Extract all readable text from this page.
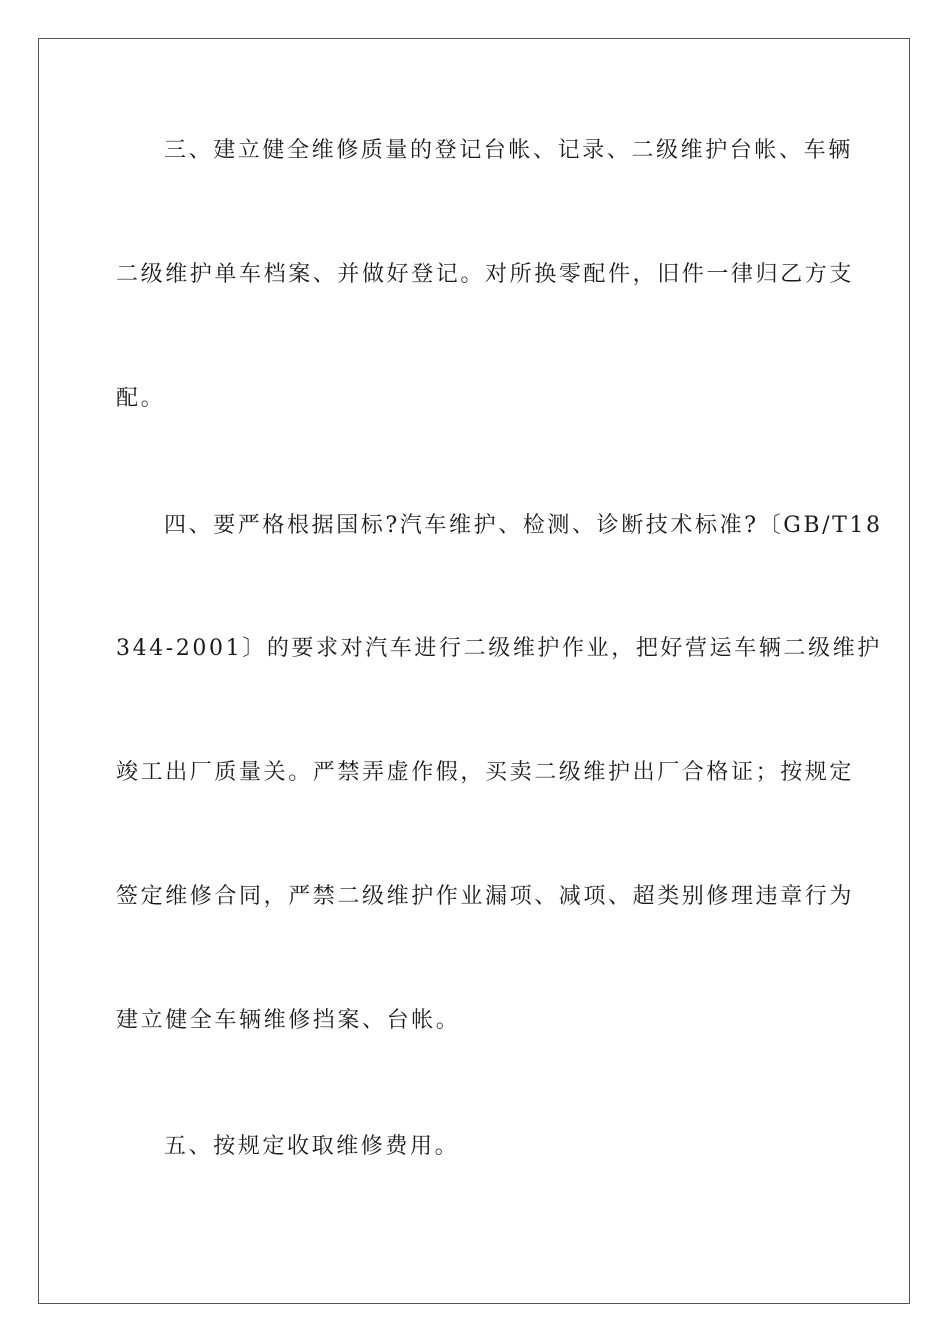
三、建立健全维修质量的登记台帐、记录、二级维护台帐、车辆
二级维护单车档案、并做好登记。对所换零配件，旧件一律归乙方支
配。
四、要严格根据国标?汽车维护、检测、诊断技术标准?〔GB/T18
344-2001〕的要求对汽车进行二级维护作业，把好营运车辆二级维护
竣工出厂质量关。严禁弄虚作假，买卖二级维护出厂合格证；按规定
签定维修合同，严禁二级维护作业漏项、减项、超类别修理违章行为
建立健全车辆维修挡案、台帐。
五、按规定收取维修费用。
